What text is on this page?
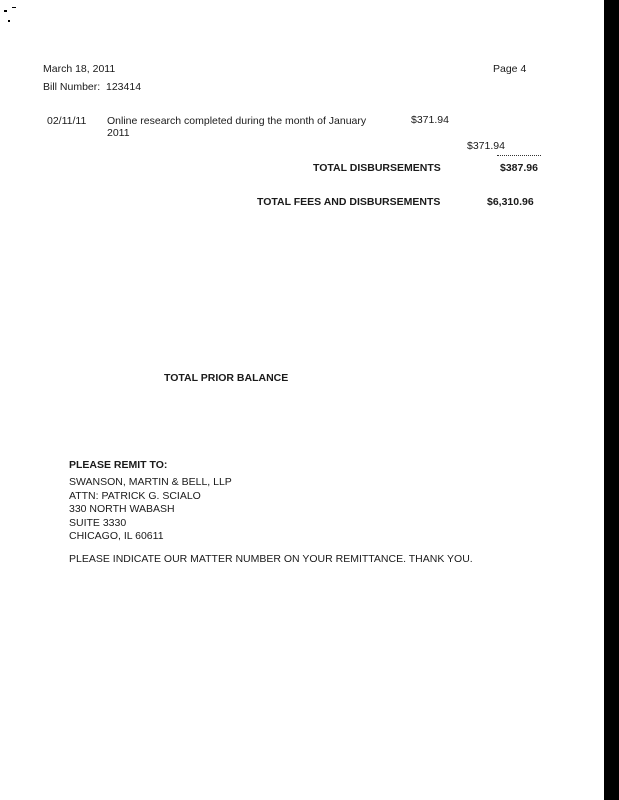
March 18, 2011
Bill Number: 123414
Page 4
02/11/11 Online research completed during the month of January 2011
$371.94
$371.94
TOTAL DISBURSEMENTS	$387.96
TOTAL FEES AND DISBURSEMENTS	$6,310.96
TOTAL PRIOR BALANCE
PLEASE REMIT TO:
SWANSON, MARTIN & BELL, LLP
ATTN: PATRICK G. SCIALO
330 NORTH WABASH
SUITE 3330
CHICAGO, IL 60611
PLEASE INDICATE OUR MATTER NUMBER ON YOUR REMITTANCE. THANK YOU.
